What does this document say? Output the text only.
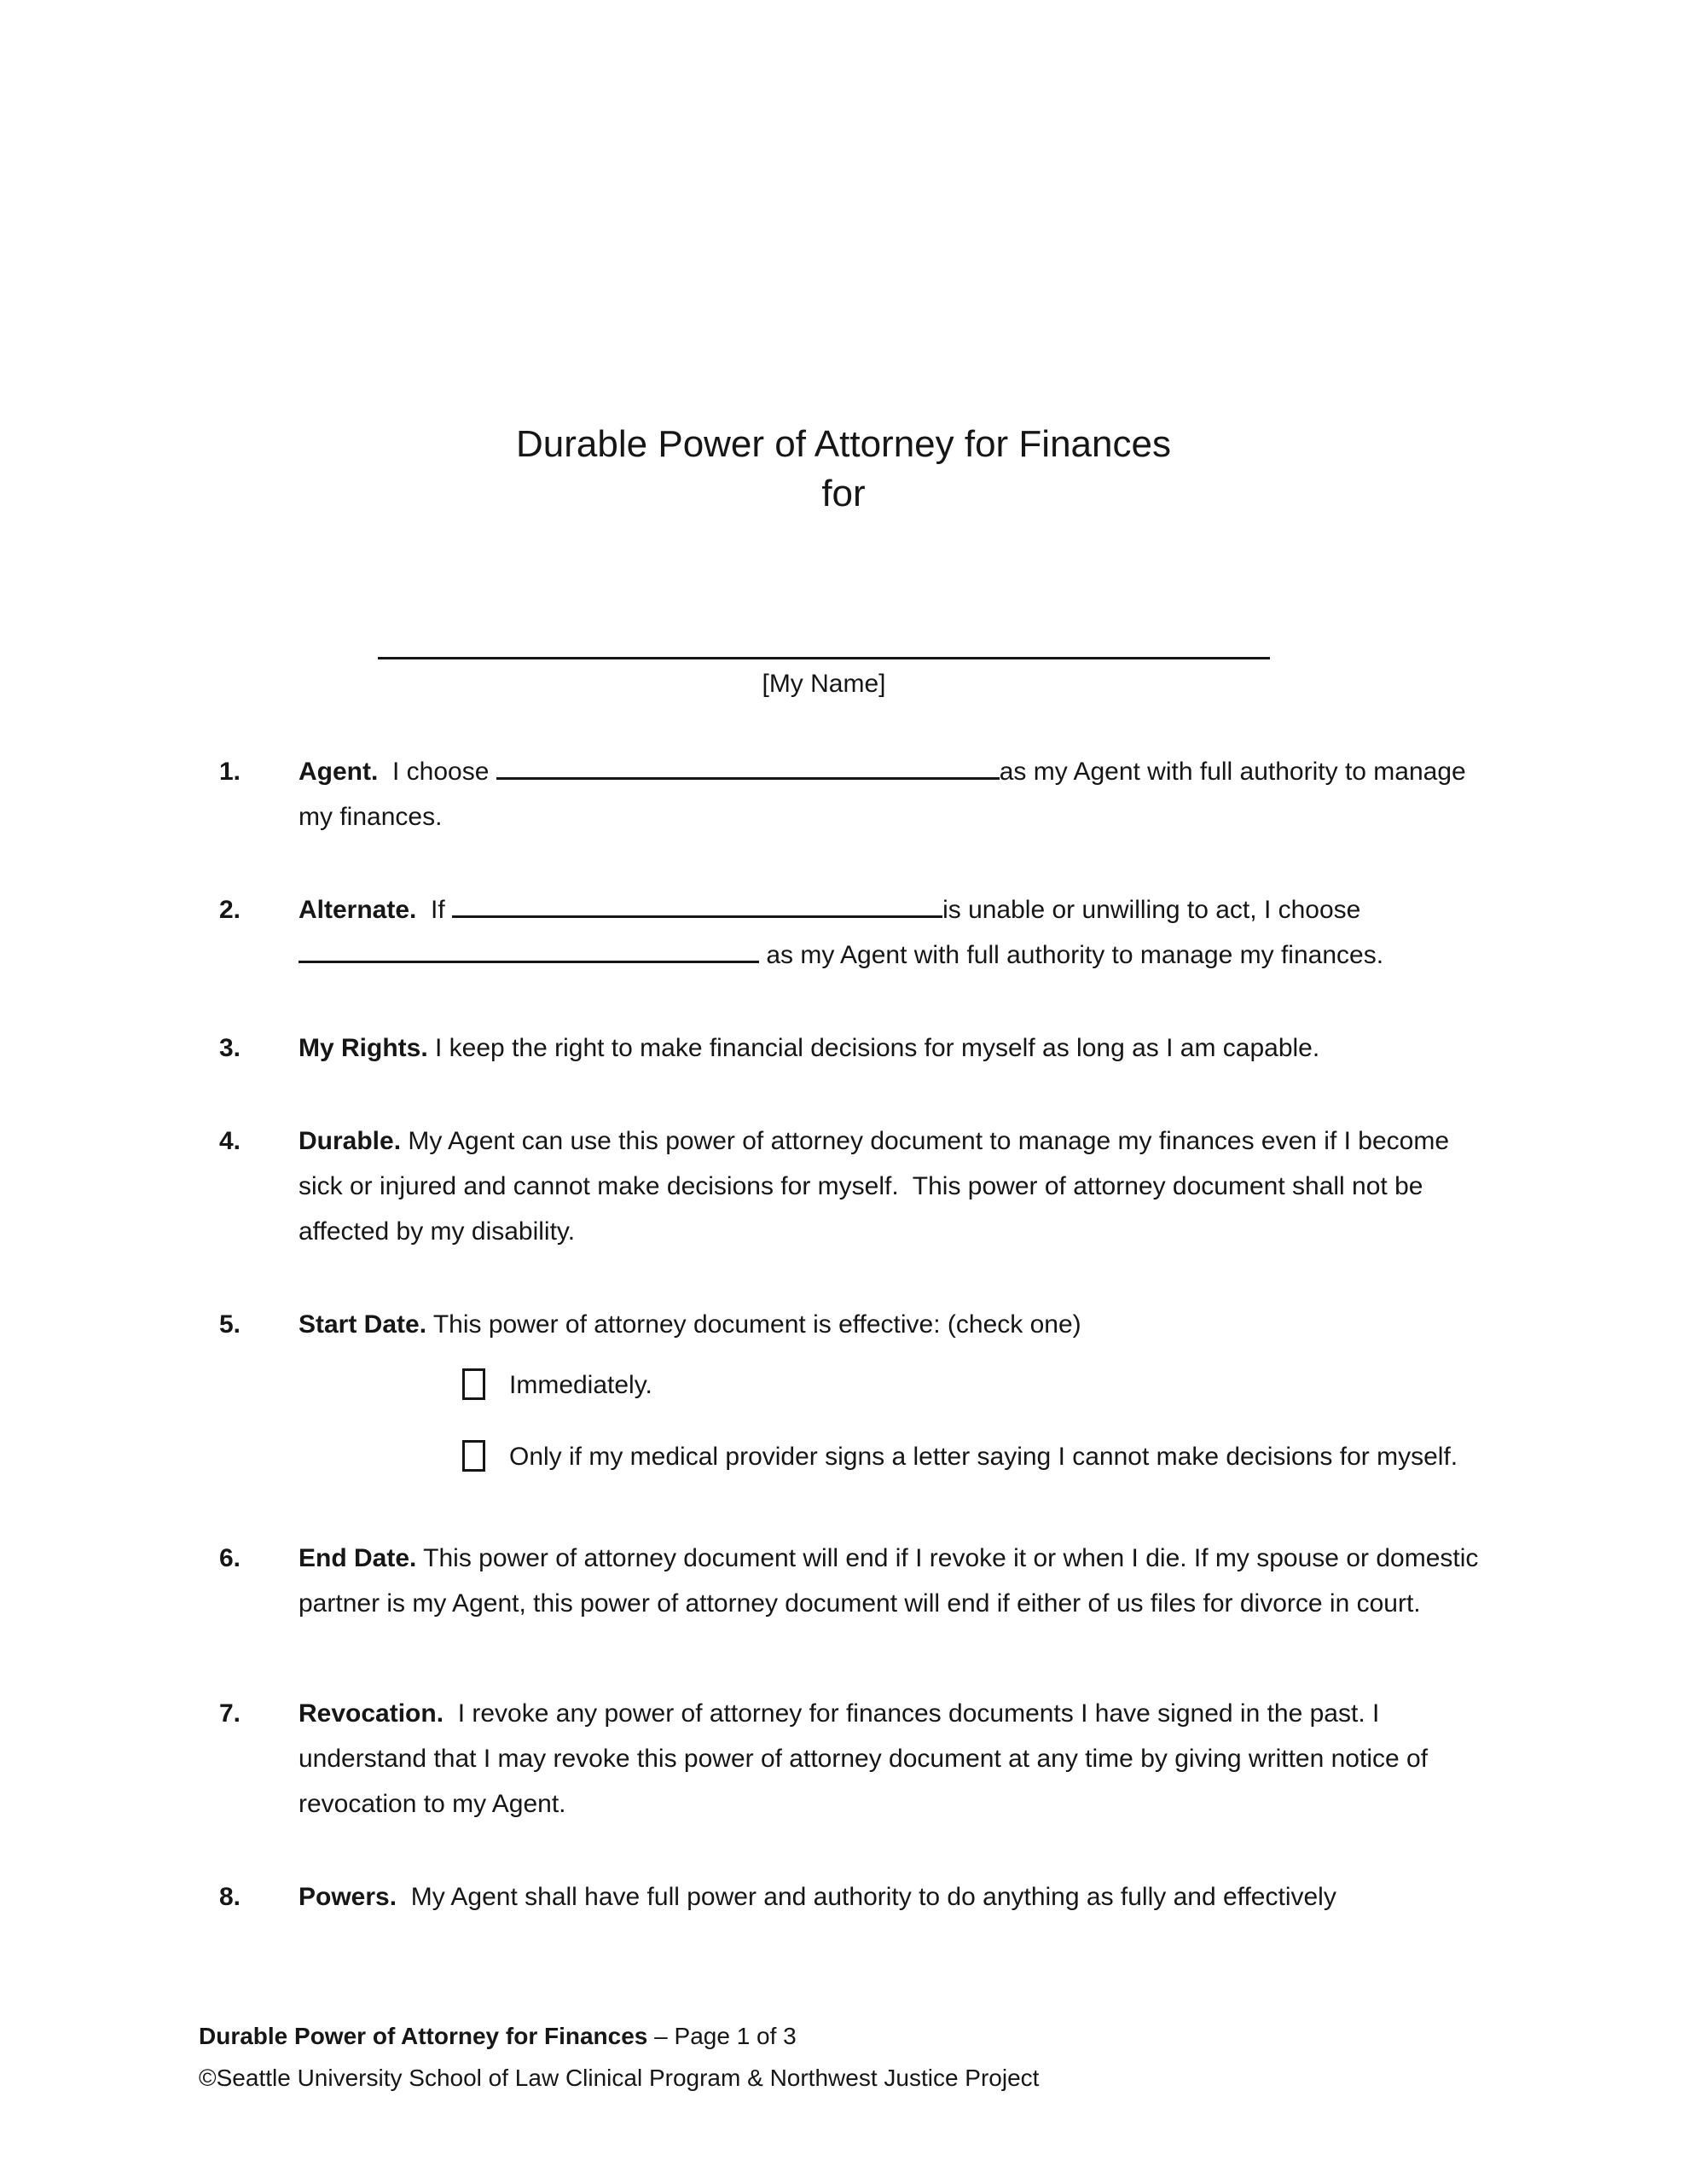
Durable Power of Attorney for Finances
for
[My Name]
1. Agent.  I choose	as my Agent with full authority to manage my finances.

2. Alternate.  If	is unable or unwilling to act, I choose  as my Agent with full authority to manage my finances.

3. My Rights. I keep the right to make financial decisions for myself as long as I am capable.

4. Durable. My Agent can use this power of attorney document to manage my finances even if I become sick or injured and cannot make decisions for myself.  This power of attorney document shall not be affected by my disability.

5. Start Date. This power of attorney document is effective: (check one)

Immediately.
Only if my medical provider signs a letter saying I cannot make decisions for myself.
6. End Date. This power of attorney document will end if I revoke it or when I die. If my spouse or domestic partner is my Agent, this power of attorney document will end if either of us files for divorce in court.

7. Revocation.  I revoke any power of attorney for finances documents I have signed in the past. I understand that I may revoke this power of attorney document at any time by giving written notice of revocation to my Agent.

8. Powers.  My Agent shall have full power and authority to do anything as fully and effectively

Durable Power of Attorney for Finances – Page 1 of 3
©Seattle University School of Law Clinical Program & Northwest Justice Project
